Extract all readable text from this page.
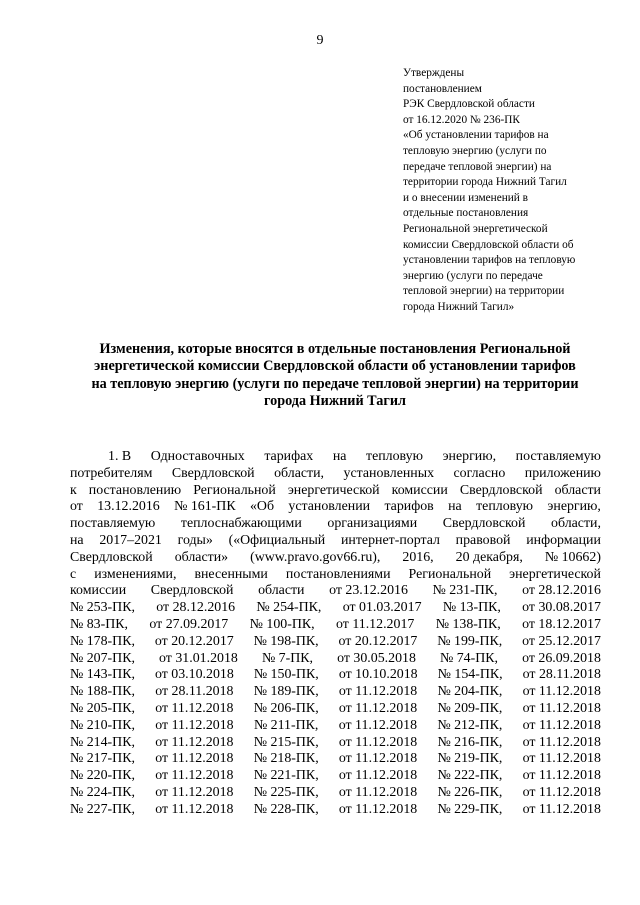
9
Утверждены
постановлением
РЭК Свердловской области
от 16.12.2020 № 236-ПК
«Об установлении тарифов на
тепловую энергию (услуги по
передаче тепловой энергии) на
территории города Нижний Тагил
и о внесении изменений в
отдельные постановления
Региональной энергетической
комиссии Свердловской области об
установлении тарифов на тепловую
энергию (услуги по передаче
тепловой энергии) на территории
города Нижний Тагил»
Изменения, которые вносятся в отдельные постановления Региональной
энергетической комиссии Свердловской области об установлении тарифов
на тепловую энергию (услуги по передаче тепловой энергии) на территории
города Нижний Тагил
1. В Одноставочных тарифах на тепловую энергию, поставляемую
потребителям Свердловской области, установленных согласно приложению
к постановлению Региональной энергетической комиссии Свердловской области
от 13.12.2016 № 161-ПК «Об установлении тарифов на тепловую энергию,
поставляемую теплоснабжающими организациями Свердловской области,
на 2017–2021 годы» («Официальный интернет-портал правовой информации
Свердловской области» (www.pravo.gov66.ru), 2016, 20 декабря, № 10662)
с изменениями, внесенными постановлениями Региональной энергетической
комиссии Свердловской области от 23.12.2016 № 231-ПК, от 28.12.2016
№ 253-ПК, от 28.12.2016 № 254-ПК, от 01.03.2017 № 13-ПК, от 30.08.2017
№ 83-ПК, от 27.09.2017 № 100-ПК, от 11.12.2017 № 138-ПК, от 18.12.2017
№ 178-ПК, от 20.12.2017 № 198-ПК, от 20.12.2017 № 199-ПК, от 25.12.2017
№ 207-ПК, от 31.01.2018 № 7-ПК, от 30.05.2018 № 74-ПК, от 26.09.2018
№ 143-ПК, от 03.10.2018 № 150-ПК, от 10.10.2018 № 154-ПК, от 28.11.2018
№ 188-ПК, от 28.11.2018 № 189-ПК, от 11.12.2018 № 204-ПК, от 11.12.2018
№ 205-ПК, от 11.12.2018 № 206-ПК, от 11.12.2018 № 209-ПК, от 11.12.2018
№ 210-ПК, от 11.12.2018 № 211-ПК, от 11.12.2018 № 212-ПК, от 11.12.2018
№ 214-ПК, от 11.12.2018 № 215-ПК, от 11.12.2018 № 216-ПК, от 11.12.2018
№ 217-ПК, от 11.12.2018 № 218-ПК, от 11.12.2018 № 219-ПК, от 11.12.2018
№ 220-ПК, от 11.12.2018 № 221-ПК, от 11.12.2018 № 222-ПК, от 11.12.2018
№ 224-ПК, от 11.12.2018 № 225-ПК, от 11.12.2018 № 226-ПК, от 11.12.2018
№ 227-ПК, от 11.12.2018 № 228-ПК, от 11.12.2018 № 229-ПК, от 11.12.2018
